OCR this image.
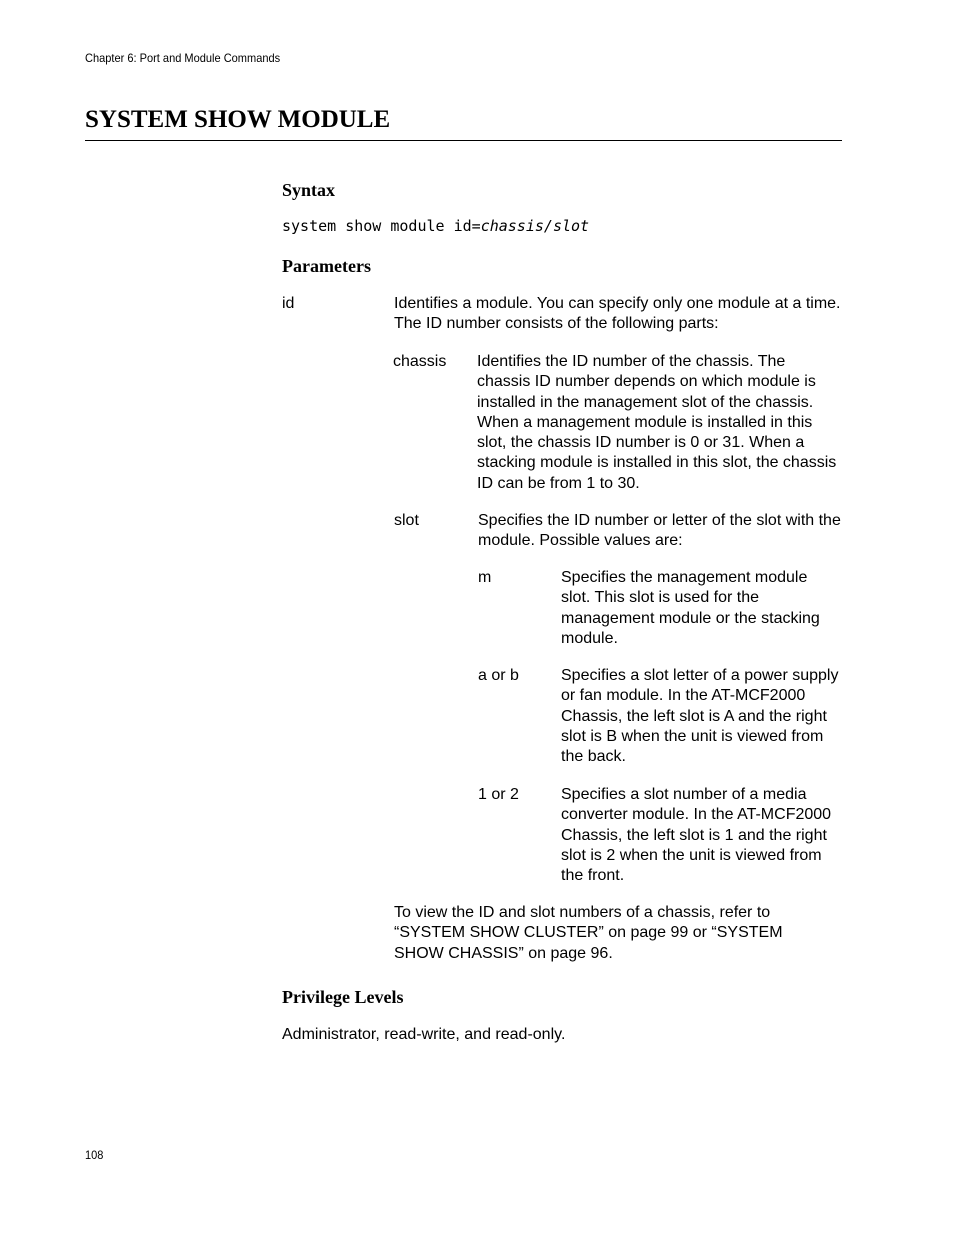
Chapter 6: Port and Module Commands
SYSTEM SHOW MODULE
Syntax
system show module id=chassis/slot
Parameters
id	Identifies a module. You can specify only one module at a time. The ID number consists of the following parts:
chassis Identifies the ID number of the chassis. The chassis ID number depends on which module is installed in the management slot of the chassis. When a management module is installed in this slot, the chassis ID number is 0 or 31. When a stacking module is installed in this slot, the chassis ID can be from 1 to 30.
slot	Specifies the ID number or letter of the slot with the module. Possible values are:
m	Specifies the management module slot. This slot is used for the management module or the stacking module.
a or b	Specifies a slot letter of a power supply or fan module. In the AT-MCF2000 Chassis, the left slot is A and the right slot is B when the unit is viewed from the back.
1 or 2	Specifies a slot number of a media converter module. In the AT-MCF2000 Chassis, the left slot is 1 and the right slot is 2 when the unit is viewed from the front.
To view the ID and slot numbers of a chassis, refer to “SYSTEM SHOW CLUSTER” on page 99 or “SYSTEM SHOW CHASSIS” on page 96.
Privilege Levels
Administrator, read-write, and read-only.
108
